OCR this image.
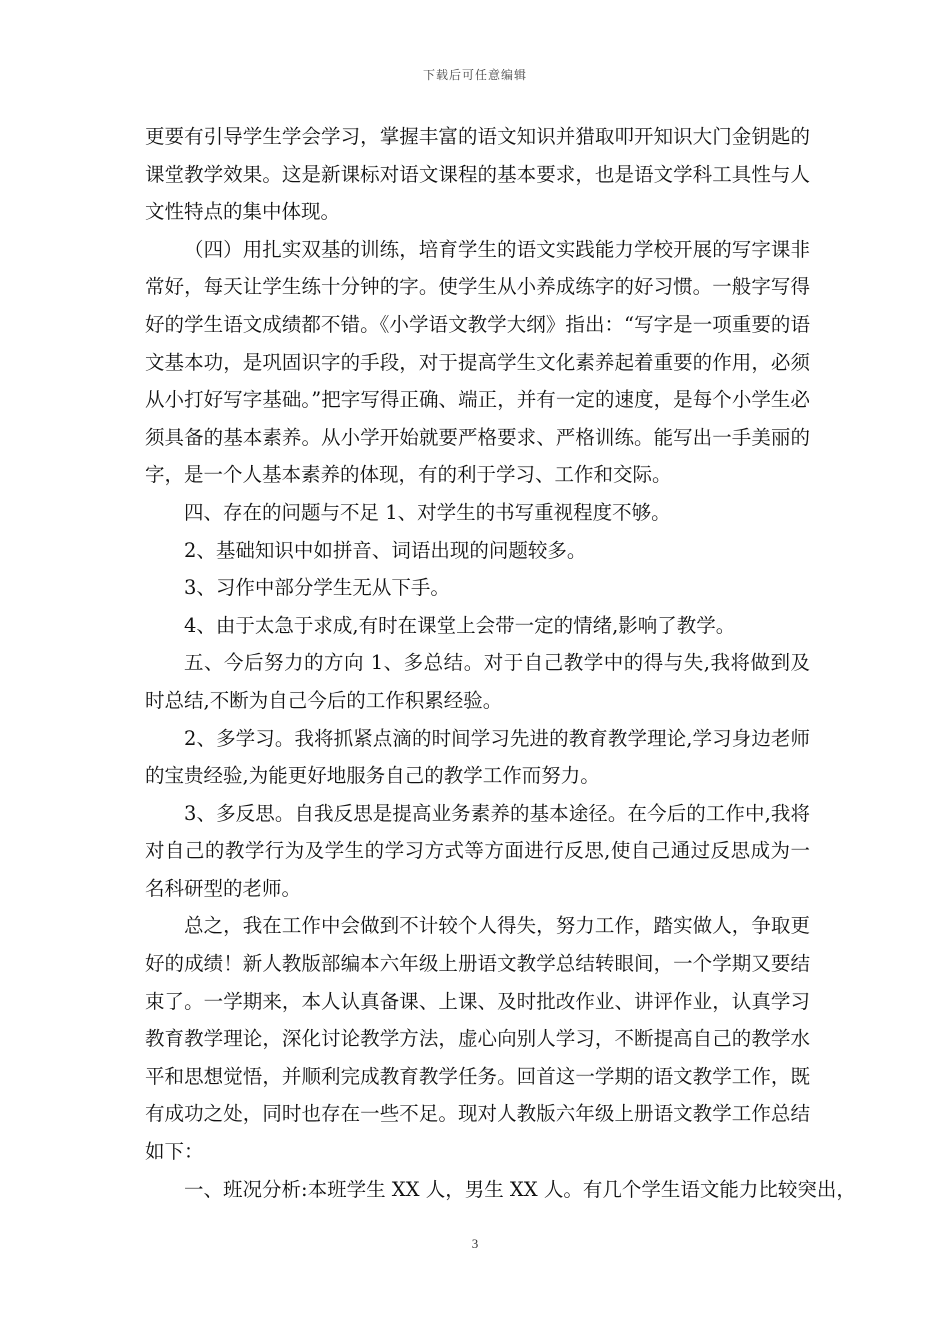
下载后可任意编辑

更要有引导学生学会学习，掌握丰富的语文知识并猎取叩开知识大门金钥匙的课堂教学效果。这是新课标对语文课程的基本要求，也是语文学科工具性与人文性特点的集中体现。

（四）用扎实双基的训练，培育学生的语文实践能力学校开展的写字课非常好，每天让学生练十分钟的字。使学生从小养成练字的好习惯。一般字写得好的学生语文成绩都不错。《小学语文教学大纲》指出：“写字是一项重要的语文基本功，是巩固识字的手段，对于提高学生文化素养起着重要的作用，必须从小打好写字基础。”把字写得正确、端正，并有一定的速度，是每个小学生必须具备的基本素养。从小学开始就要严格要求、严格训练。能写出一手美丽的字，是一个人基本素养的体现，有的利于学习、工作和交际。

四、存在的问题与不足 1、对学生的书写重视程度不够。

2、基础知识中如拼音、词语出现的问题较多。

3、习作中部分学生无从下手。

4、由于太急于求成,有时在课堂上会带一定的情绪,影响了教学。

五、今后努力的方向 1、多总结。对于自己教学中的得与失,我将做到及时总结,不断为自己今后的工作积累经验。

2、多学习。我将抓紧点滴的时间学习先进的教育教学理论,学习身边老师的宝贵经验,为能更好地服务自己的教学工作而努力。

3、多反思。自我反思是提高业务素养的基本途径。在今后的工作中,我将对自己的教学行为及学生的学习方式等方面进行反思,使自己通过反思成为一名科研型的老师。

总之，我在工作中会做到不计较个人得失，努力工作，踏实做人，争取更好的成绩！新人教版部编本六年级上册语文教学总结转眼间，一个学期又要结束了。一学期来，本人认真备课、上课、及时批改作业、讲评作业，认真学习教育教学理论，深化讨论教学方法，虚心向别人学习，不断提高自己的教学水平和思想觉悟，并顺利完成教育教学任务。回首这一学期的语文教学工作，既有成功之处，同时也存在一些不足。现对人教版六年级上册语文教学工作总结如下：

一、班况分析:本班学生 XX 人，男生 XX 人。有几个学生语文能力比较突出，

3
